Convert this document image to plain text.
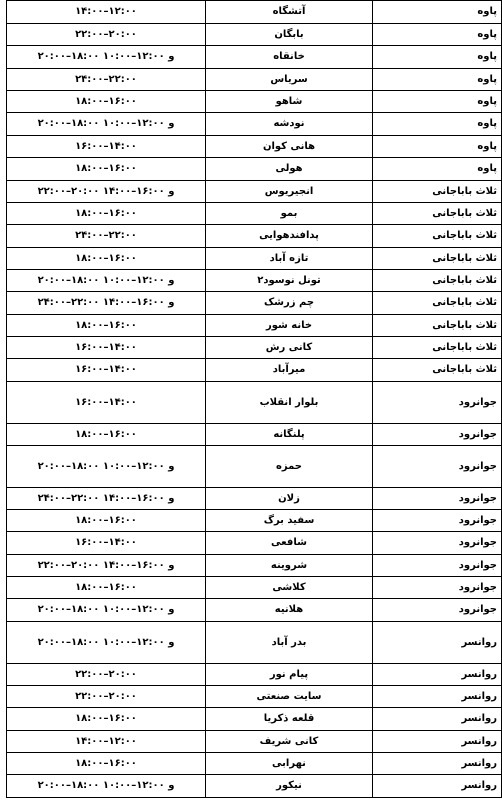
پاوه	آتشگاه	۱۴:۰۰–۱۲:۰۰
پاوه	بابگان	۲۲:۰۰–۲۰:۰۰
پاوه	خانقاه	۲۰:۰۰–۱۸:۰۰ و ۱۲:۰۰–۱۰:۰۰
پاوه	سریاس	۲۴:۰۰–۲۲:۰۰
پاوه	شاهو	۱۸:۰۰–۱۶:۰۰
پاوه	نودشه	۲۰:۰۰–۱۸:۰۰ و ۱۲:۰۰–۱۰:۰۰
پاوه	هانی کوان	۱۶:۰۰–۱۴:۰۰
پاوه	هولی	۱۸:۰۰–۱۶:۰۰
ثلاث باباجانی	انجیریوس	۲۲:۰۰–۲۰:۰۰ و ۱۶:۰۰–۱۴:۰۰
ثلاث باباجانی	بمو	۱۸:۰۰–۱۶:۰۰
ثلاث باباجانی	پدافندهوایی	۲۴:۰۰–۲۲:۰۰
ثلاث باباجانی	تازه آباد	۱۸:۰۰–۱۶:۰۰
ثلاث باباجانی	تونل نوسود۲	۲۰:۰۰–۱۸:۰۰ و ۱۲:۰۰–۱۰:۰۰
ثلاث باباجانی	چم زرشک	۲۴:۰۰–۲۲:۰۰ و ۱۶:۰۰–۱۴:۰۰
ثلاث باباجانی	خانه شور	۱۸:۰۰–۱۶:۰۰
ثلاث باباجانی	کانی رش	۱۶:۰۰–۱۴:۰۰
ثلاث باباجانی	میرآباد	۱۶:۰۰–۱۴:۰۰
جوانرود	بلوار انقلاب	۱۶:۰۰–۱۴:۰۰
جوانرود	پلنگانه	۱۸:۰۰–۱۶:۰۰
جوانرود	حمزه	۲۰:۰۰–۱۸:۰۰ و ۱۲:۰۰–۱۰:۰۰
جوانرود	زلان	۲۴:۰۰–۲۲:۰۰ و ۱۶:۰۰–۱۴:۰۰
جوانرود	سفید برگ	۱۸:۰۰–۱۶:۰۰
جوانرود	شافعی	۱۶:۰۰–۱۴:۰۰
جوانرود	شروینه	۲۲:۰۰–۲۰:۰۰ و ۱۶:۰۰–۱۴:۰۰
جوانرود	کلاشی	۱۸:۰۰–۱۶:۰۰
جوانرود	هلانیه	۲۰:۰۰–۱۸:۰۰ و ۱۲:۰۰–۱۰:۰۰
روانسر	بدر آباد	۲۰:۰۰–۱۸:۰۰ و ۱۲:۰۰–۱۰:۰۰
روانسر	پیام نور	۲۲:۰۰–۲۰:۰۰
روانسر	سایت صنعتی	۲۲:۰۰–۲۰:۰۰
روانسر	قلعه ذکریا	۱۸:۰۰–۱۶:۰۰
روانسر	کانی شریف	۱۴:۰۰–۱۲:۰۰
روانسر	نهرابی	۱۸:۰۰–۱۶:۰۰
روانسر	نیکور	۲۰:۰۰–۱۸:۰۰ و ۱۲:۰۰–۱۰:۰۰
